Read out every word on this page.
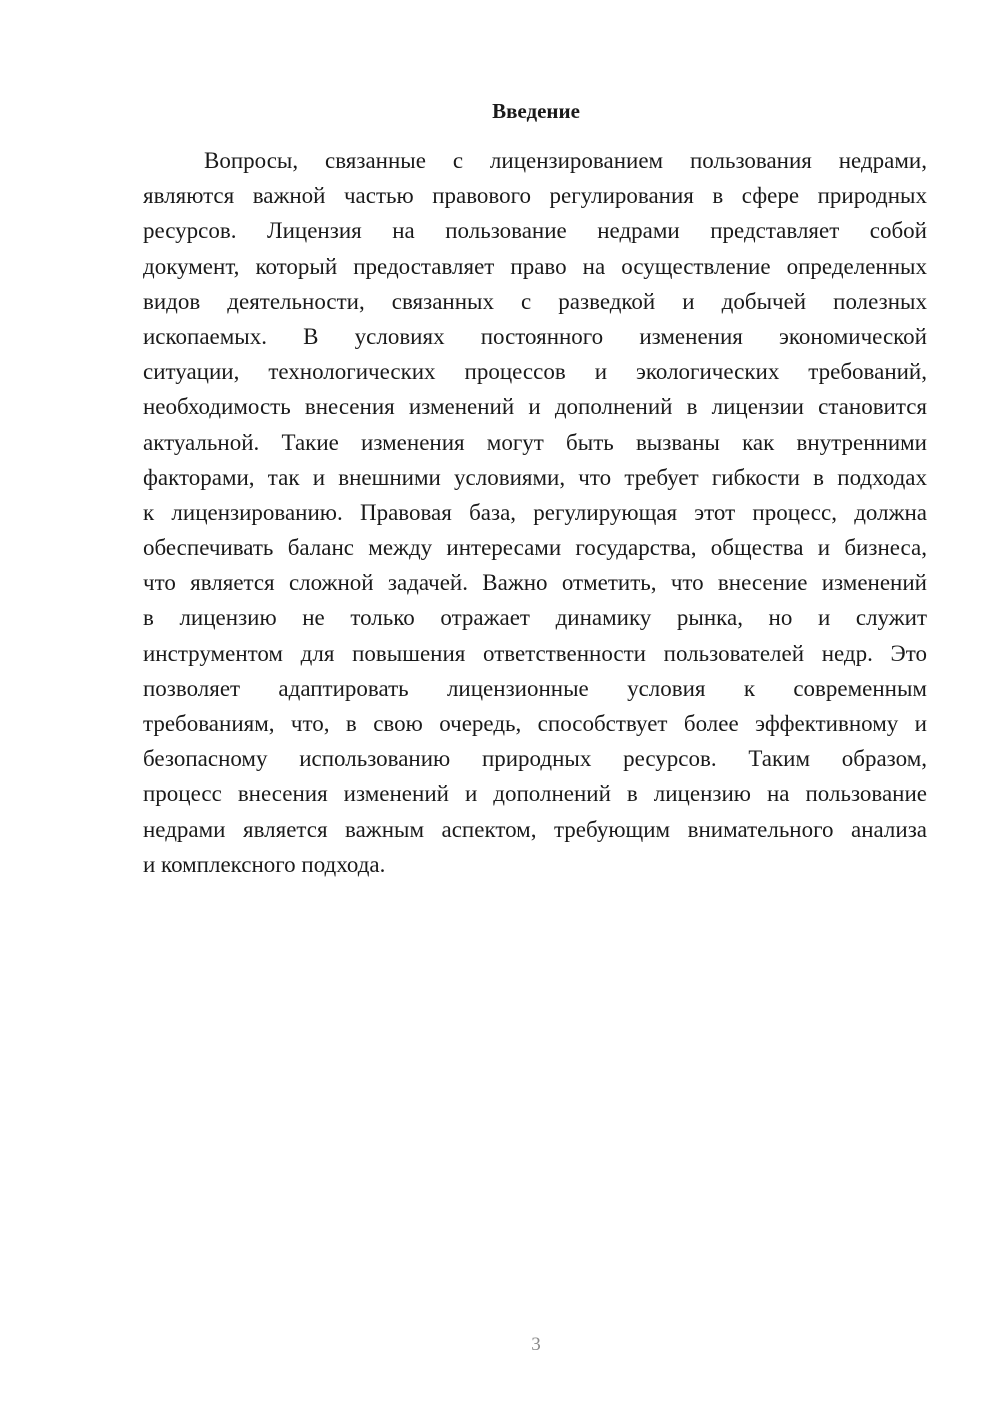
Введение
Вопросы, связанные с лицензированием пользования недрами,
являются важной частью правового регулирования в сфере природных
ресурсов. Лицензия на пользование недрами представляет собой
документ, который предоставляет право на осуществление определенных
видов деятельности, связанных с разведкой и добычей полезных
ископаемых. В условиях постоянного изменения экономической
ситуации, технологических процессов и экологических требований,
необходимость внесения изменений и дополнений в лицензии становится
актуальной. Такие изменения могут быть вызваны как внутренними
факторами, так и внешними условиями, что требует гибкости в подходах
к лицензированию. Правовая база, регулирующая этот процесс, должна
обеспечивать баланс между интересами государства, общества и бизнеса,
что является сложной задачей. Важно отметить, что внесение изменений
в лицензию не только отражает динамику рынка, но и служит
инструментом для повышения ответственности пользователей недр. Это
позволяет адаптировать лицензионные условия к современным
требованиям, что, в свою очередь, способствует более эффективному и
безопасному использованию природных ресурсов. Таким образом,
процесс внесения изменений и дополнений в лицензию на пользование
недрами является важным аспектом, требующим внимательного анализа
и комплексного подхода.
3
